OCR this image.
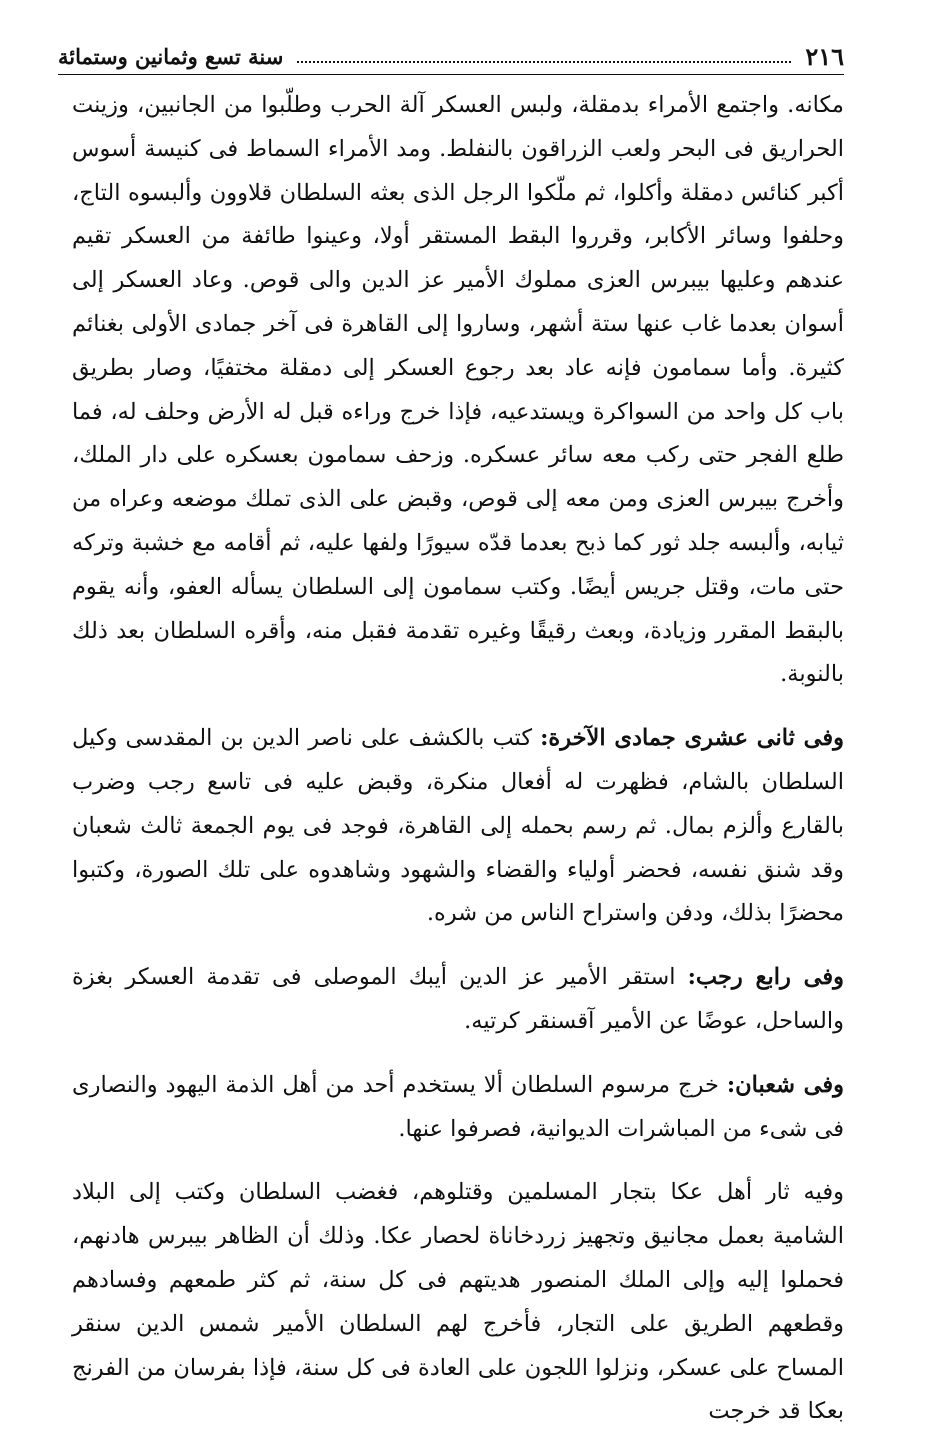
٢١٦
سنة تسع وثمانين وستمائة

مكانه. واجتمع الأمراء بدمقلة، ولبس العسكر آلة الحرب وطلّبوا من الجانبين، وزينت الحراريق فى البحر ولعب الزراقون بالنفلط. ومد الأمراء السماط فى كنيسة أسوس أكبر كنائس دمقلة وأكلوا، ثم ملّكوا الرجل الذى بعثه السلطان قلاوون وألبسوه التاج، وحلفوا وسائر الأكابر، وقرروا البقط المستقر أولا، وعينوا طائفة من العسكر تقيم عندهم وعليها بيبرس العزى مملوك الأمير عز الدين والى قوص. وعاد العسكر إلى أسوان بعدما غاب عنها ستة أشهر، وساروا إلى القاهرة فى آخر جمادى الأولى بغنائم كثيرة. وأما سمامون فإنه عاد بعد رجوع العسكر إلى دمقلة مختفيًا، وصار بطريق باب كل واحد من السواكرة ويستدعيه، فإذا خرج وراءه قبل له الأرض وحلف له، فما طلع الفجر حتى ركب معه سائر عسكره. وزحف سمامون بعسكره على دار الملك، وأخرج بيبرس العزى ومن معه إلى قوص، وقبض على الذى تملك موضعه وعراه من ثيابه، وألبسه جلد ثور كما ذبح بعدما قدّه سيورًا ولفها عليه، ثم أقامه مع خشبة وتركه حتى مات، وقتل جريس أيضًا. وكتب سمامون إلى السلطان يسأله العفو، وأنه يقوم بالبقط المقرر وزيادة، وبعث رقيقًا وغيره تقدمة فقبل منه، وأقره السلطان بعد ذلك بالنوبة.

وفى ثانى عشرى جمادى الآخرة: كتب بالكشف على ناصر الدين بن المقدسى وكيل السلطان بالشام، فظهرت له أفعال منكرة، وقبض عليه فى تاسع رجب وضرب بالقارع وألزم بمال. ثم رسم بحمله إلى القاهرة، فوجد فى يوم الجمعة ثالث شعبان وقد شنق نفسه، فحضر أولياء والقضاء والشهود وشاهدوه على تلك الصورة، وكتبوا محضرًا بذلك، ودفن واستراح الناس من شره.

وفى رابع رجب: استقر الأمير عز الدين أيبك الموصلى فى تقدمة العسكر بغزة والساحل، عوضًا عن الأمير آقسنقر كرتيه.

وفى شعبان: خرج مرسوم السلطان ألا يستخدم أحد من أهل الذمة اليهود والنصارى فى شىء من المباشرات الديوانية، فصرفوا عنها.

وفيه ثار أهل عكا بتجار المسلمين وقتلوهم، فغضب السلطان وكتب إلى البلاد الشامية بعمل مجانيق وتجهيز زردخاناة لحصار عكا. وذلك أن الظاهر بيبرس هادنهم، فحملوا إليه وإلى الملك المنصور هديتهم فى كل سنة، ثم كثر طمعهم وفسادهم وقطعهم الطريق على التجار، فأخرج لهم السلطان الأمير شمس الدين سنقر المساح على عسكر، ونزلوا اللجون على العادة فى كل سنة، فإذا بفرسان من الفرنج بعكا قد خرجت
